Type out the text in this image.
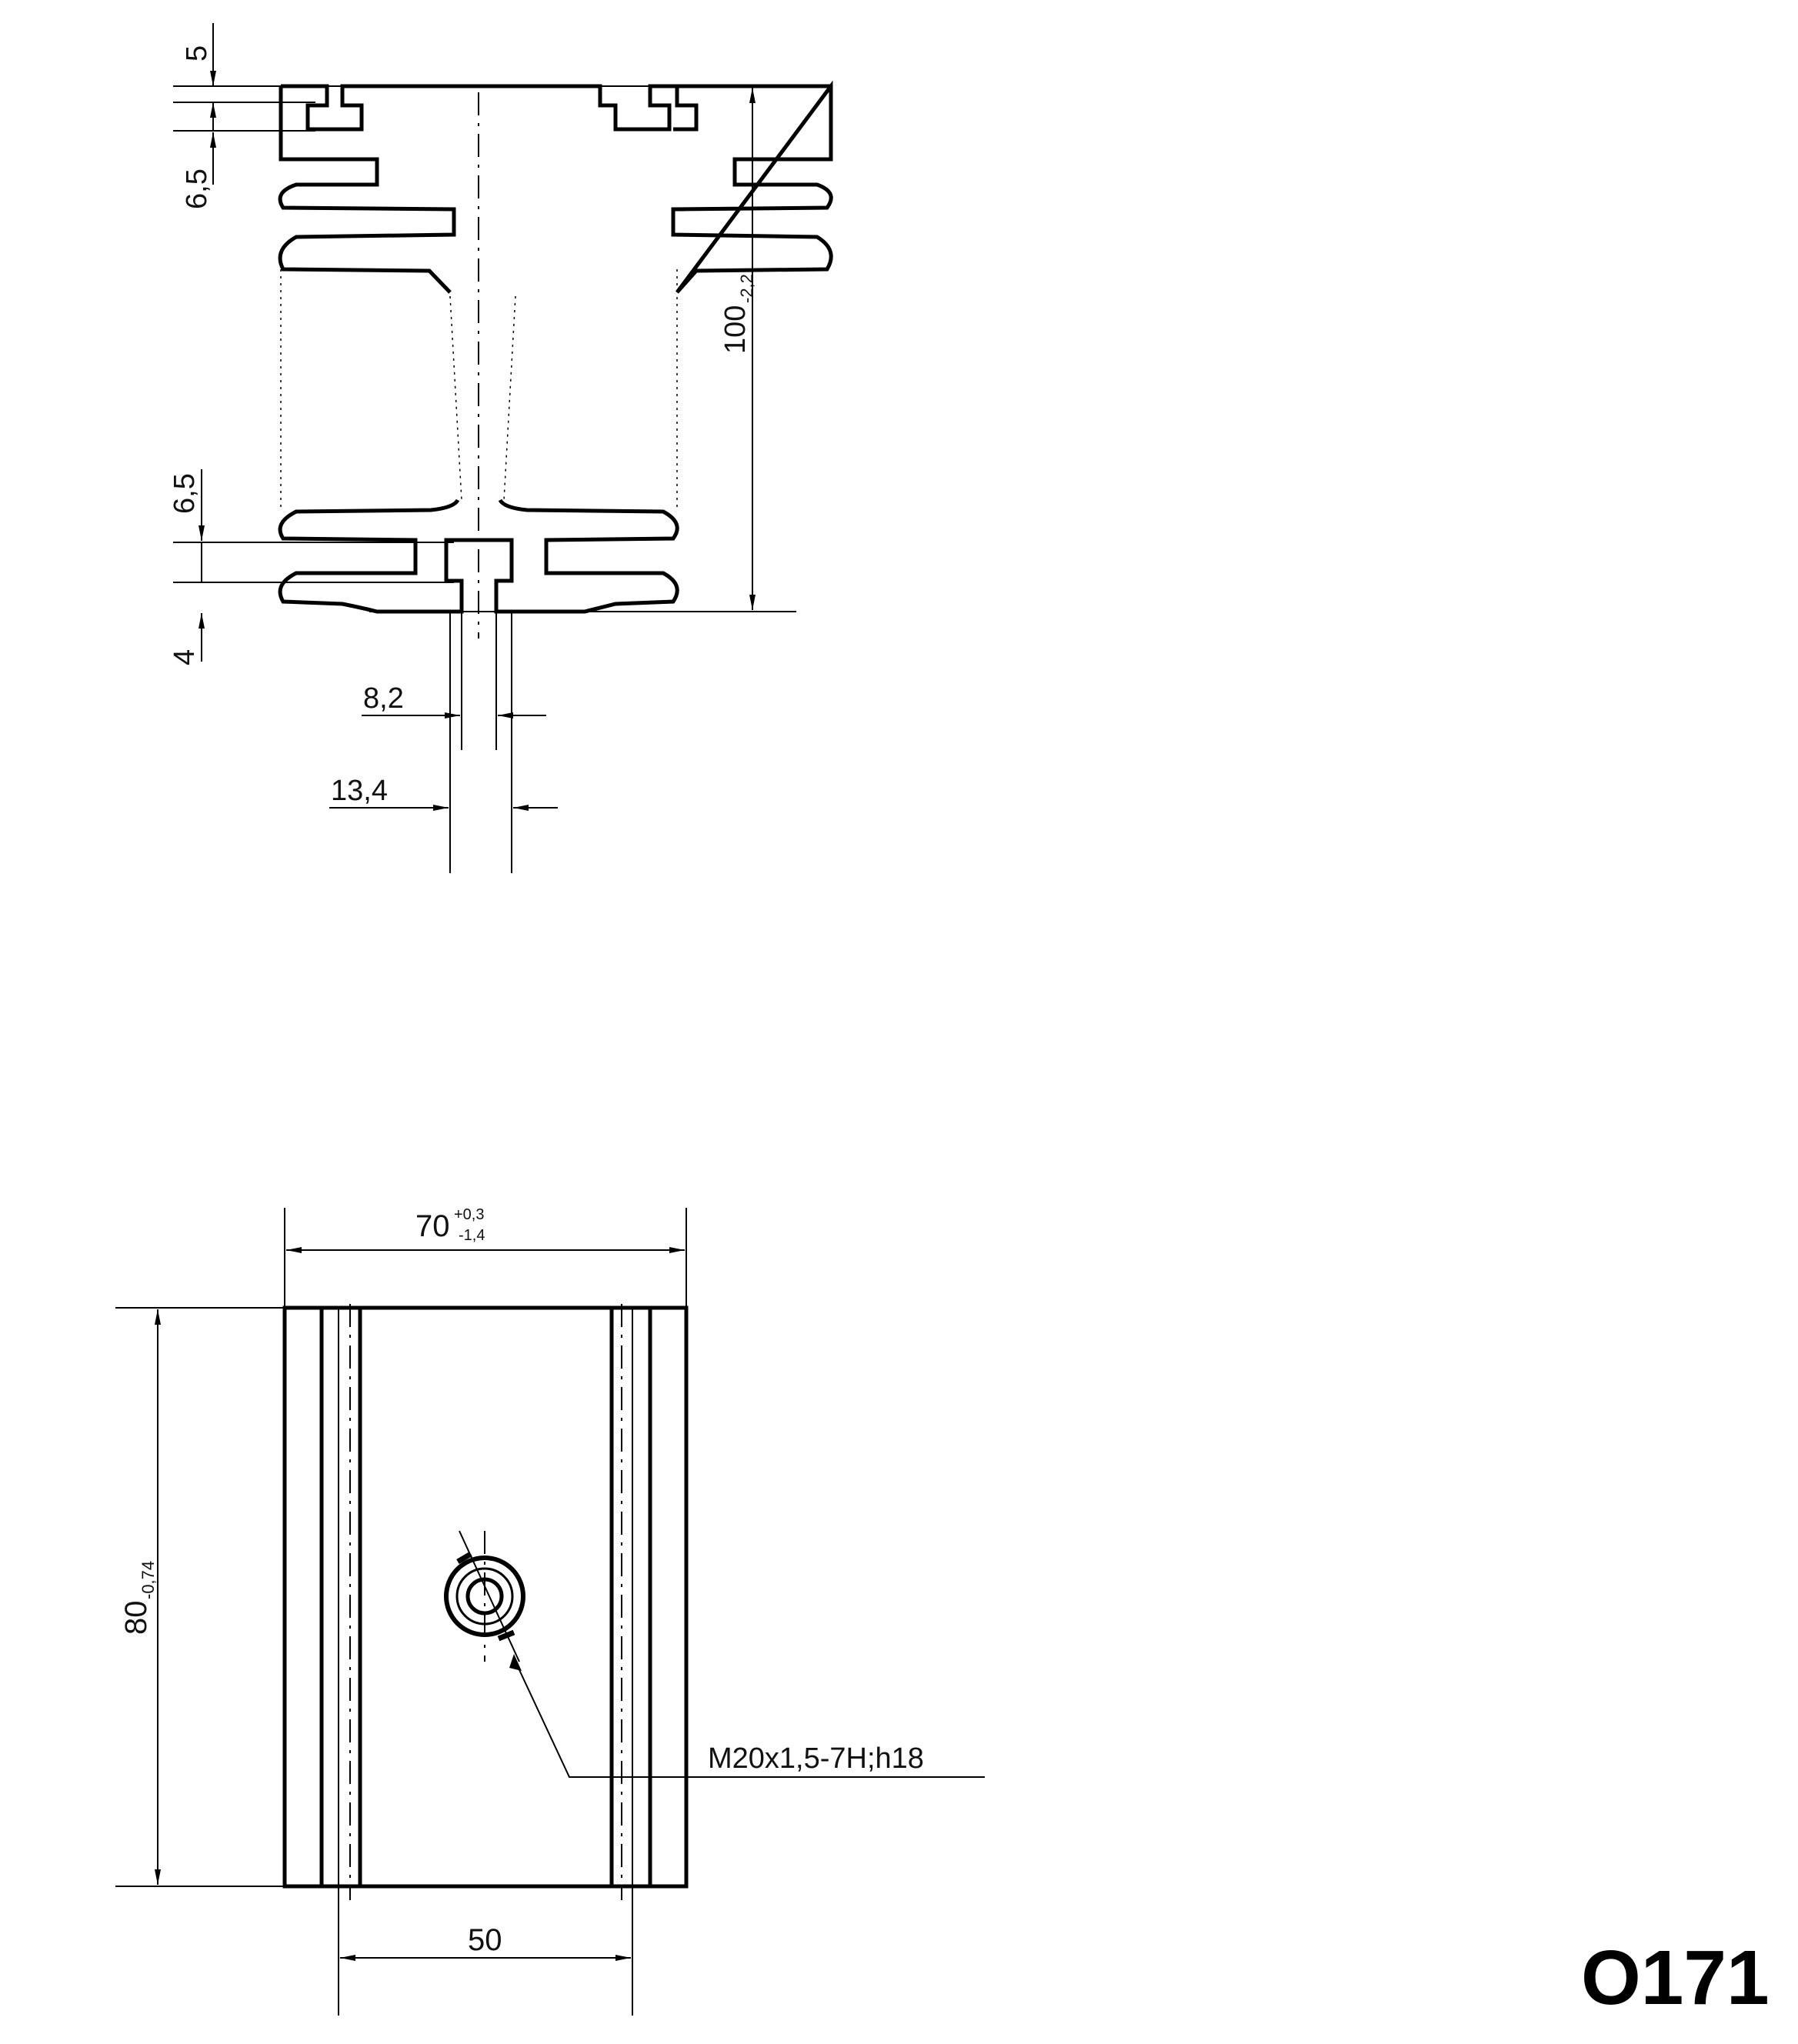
5
6,5
6,5
4
100
-2,2
8,2
13,4
70 +0,3
-1,4
80
-0,74
50
M20x1,5-7H;h18
O171
